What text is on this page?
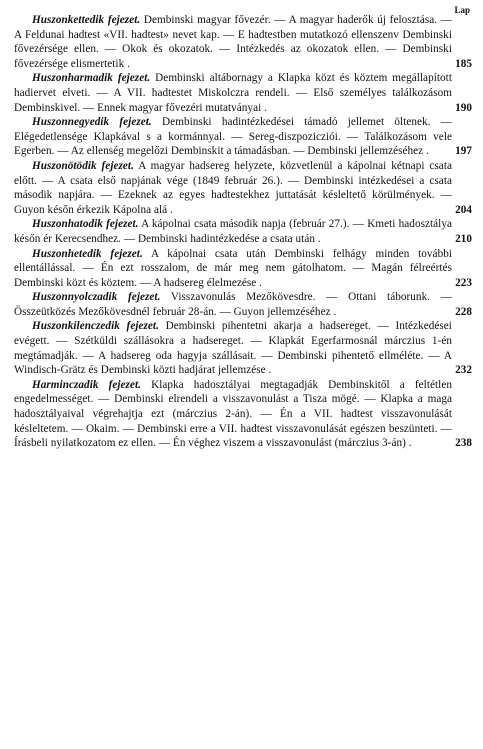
Lap

Huszonkettedik fejezet. Dembinski magyar fővezér. — A magyar haderők új felosztása. — A Feldunai hadtest «VII. hadtest» nevet kap. — E hadtestben mutatkozó ellenszenv Dembinski fővezérsége ellen. — Okok és okozatok. — Intézkedés az okozatok ellen. — Dembinski fővezérsége elismertetik .	185

Huszonharmadik fejezet. Dembinski altábornagy a Klapka közt és köztem megállapított hadiervet elveti. — A VII. hadtestet Miskolczra rendeli. — Első személyes találkozásom Dembinskivel. — Ennek magyar fővezéri mutatványai .	190

Huszonnegyedik fejezet. Dembinski hadintézkedései támadó jellemet öltenek. — Elégedetlensége Klapkával s a kormánnyal. — Sereg-diszpozicziói. — Találkozásom vele Egerben. — Az ellenség megelőzi Dembinskit a támadásban. — Dembinski jellemzéséhez . 197

Huszonötödik fejezet. A magyar hadsereg helyzete, közvetlenül a kápolnai kétnapi csata előtt. — A csata első napjának vége (1849 február 26.). — Dembinski intézkedései a csata második napjára. — Ezeknek az egyes hadtestekhez juttatását késleltető körülmények. — Guyon későn érkezik Kápolna alá .	204

Huszonhatodik fejezet. A kápolnai csata második napja (február 27.). — Kmeti hadosztálya későn ér Kerecsendhez. — Dembinski hadintézkedése a csata után .	210

Huszonhetedik fejezet. A kápolnai csata után Dembinski felhágy minden további ellentállással. — Én ezt rosszalom, de már meg nem gátolhatom. — Magán félreértés Dembinski közt és köztem. — A hadsereg élelmezése .	223

Huszonnyolczadik fejezet. Visszavonulás Mezőkövesdre. — Ottani táborunk. — Összeütközés Mezőkövesdnél február 28-án. — Guyon jellemzéséhez .	228

Huszonkilenczedik fejezet. Dembinski pihentetni akarja a hadsereget. — Intézkedései evégett. — Szétküldi szállásokra a hadsereget. — Klapkát Egerfarmosnál márczius 1-én megtámadják. — A hadsereg oda hagyja szállásait. — Dembinski pihentető ellméléte. — A Windisch-Grätz és Dembinski közti hadjárat jellemzése .	232

Harminczadik fejezet. Klapka hadosztályai megtagadják Dembinskitől a feltétlen engedelmességet. — Dembinski elrendeli a visszavonulást a Tisza mögé. — Klapka a maga hadosztályaival végrehajtja ezt (márczius 2-án). — Én a VII. hadtest visszavonulását késleltetem. — Okaim. — Dembinski erre a VII. hadtest visszavonulását egészen beszünteti. — Írásbeli nyilatkozatom ez ellen. — Én véghez viszem a visszavonulást (márczius 3-án) .	238
